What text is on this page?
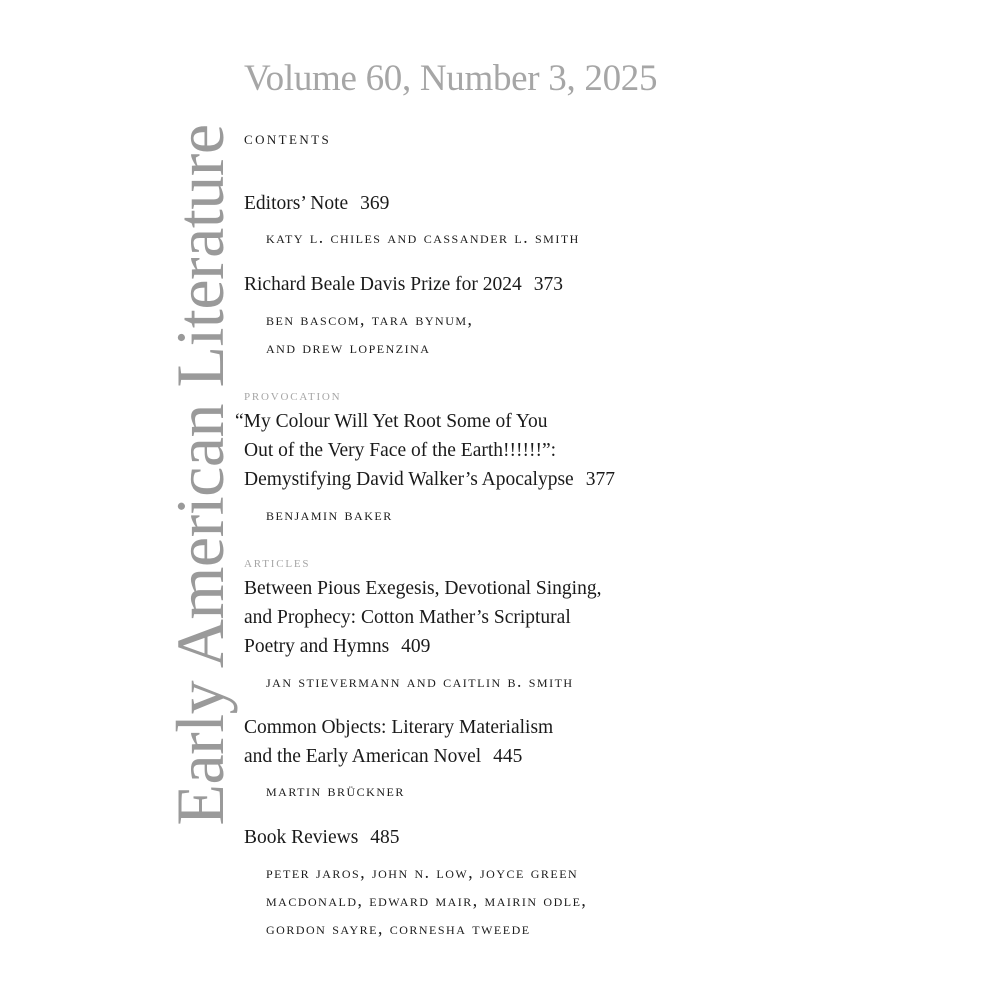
Early American Literature
Volume 60, Number 3, 2025
contents
Editors’ Note 369
katy l. chiles and cassander l. smith
Richard Beale Davis Prize for 2024 373
ben bascom, tara bynum,
and drew lopenzina
provocation
“My Colour Will Yet Root Some of You
Out of the Very Face of the Earth!!!!!!”:
Demystifying David Walker’s Apocalypse 377
benjamin baker
articles
Between Pious Exegesis, Devotional Singing,
and Prophecy: Cotton Mather’s Scriptural
Poetry and Hymns 409
jan stievermann and caitlin b. smith
Common Objects: Literary Materialism
and the Early American Novel 445
martin brückner
Book Reviews 485
peter jaros, john n. low, joyce green
macdonald, edward mair, mairin odle,
gordon sayre, cornesha tweede
